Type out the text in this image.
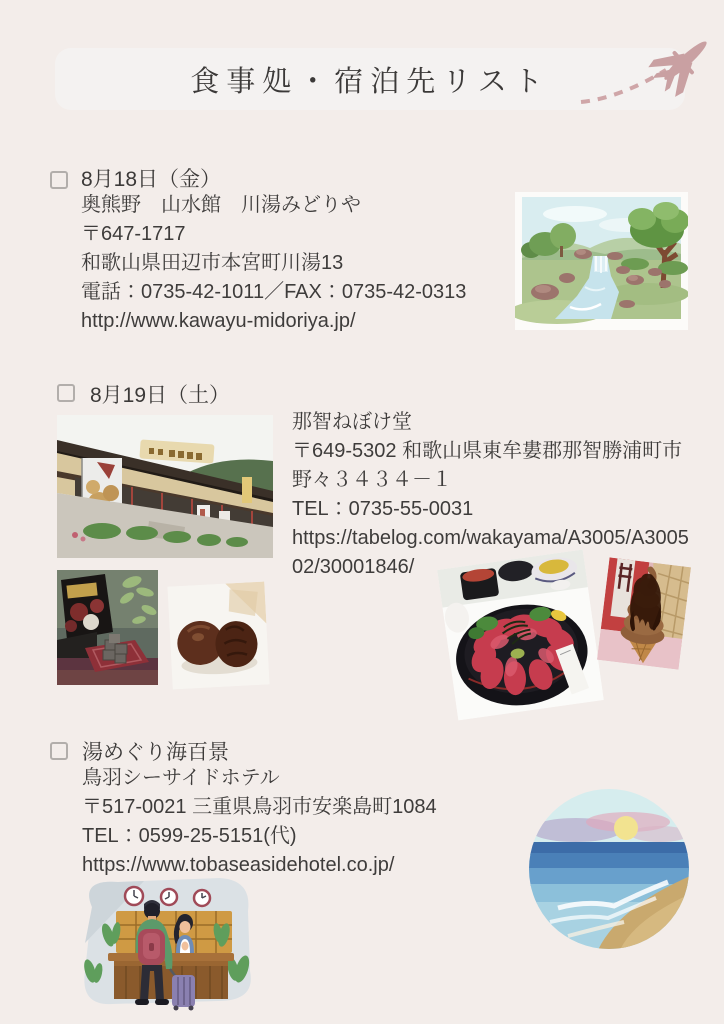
食事処・宿泊先リスト
8月18日（金）

奥熊野　山水館　川湯みどりや

〒647-1717

和歌山県田辺市本宮町川湯13

電話：0735-42-1011／FAX：0735-42-0313

http://www.kawayu-midoriya.jp/

8月19日（土）

那智ねぼけ堂

〒649-5302 和歌山県東牟婁郡那智勝浦町市

野々３４３４－１

TEL：0735-55-0031

https://tabelog.com/wakayama/A3005/A3005

02/30001846/

湯めぐり海百景

鳥羽シーサイドホテル

〒517-0021 三重県鳥羽市安楽島町1084

TEL：0599-25-5151(代)

https://www.tobaseasidehotel.co.jp/
